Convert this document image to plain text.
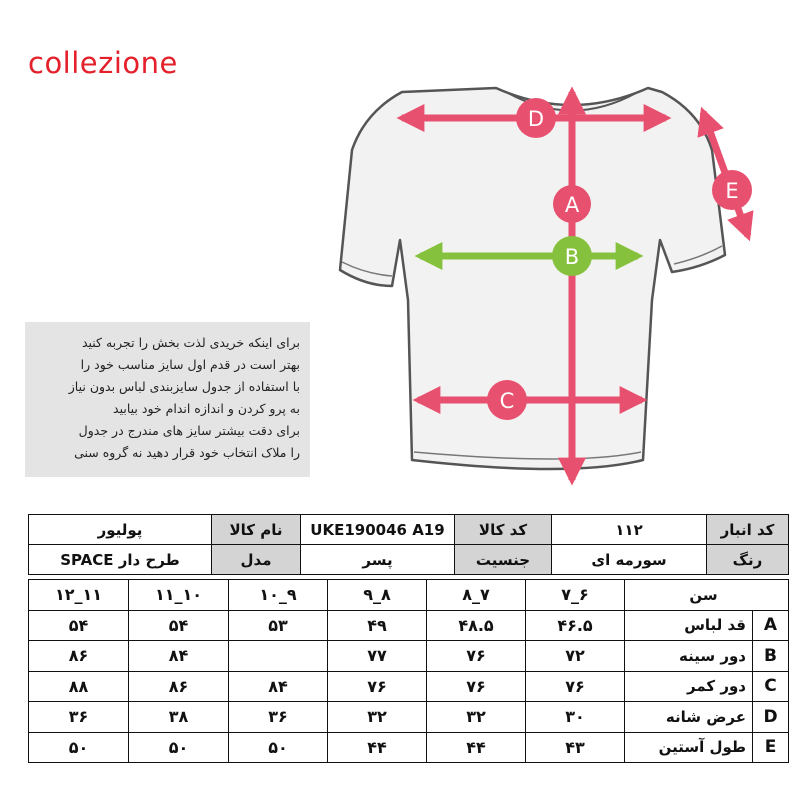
collezione

برای اینکه خریدی لذت بخش را تجربه کنید

بهتر است در قدم اول سایز مناسب خود را

با استفاده از جدول سایزبندی لباس بدون نیاز

به پرو کردن و اندازه اندام خود بیابید

برای دقت بیشتر سایز های مندرج در جدول

را ملاک انتخاب خود قرار دهید نه گروه سنی

A
B
C
D
E
کد انبار	۱۱۲	کد کالا	UKE190046 A19	نام کالا	پولیور
رنگ	سورمه ای	جنسیت	پسر	مدل	طرح دار SPACE
سن		۶_۷	۷_۸	۸_۹	۹_۱۰	۱۰_۱۱	۱۱_۱۲
A	قد لباس	۴۶.۵	۴۸.۵	۴۹	۵۳	۵۴	۵۴
B	دور سینه	۷۲	۷۶	۷۷		۸۴	۸۶
C	دور کمر	۷۶	۷۶	۷۶	۸۴	۸۶	۸۸
D	عرض شانه	۳۰	۳۲	۳۲	۳۶	۳۸	۳۶
E	طول آستین	۴۳	۴۴	۴۴	۵۰	۵۰	۵۰
